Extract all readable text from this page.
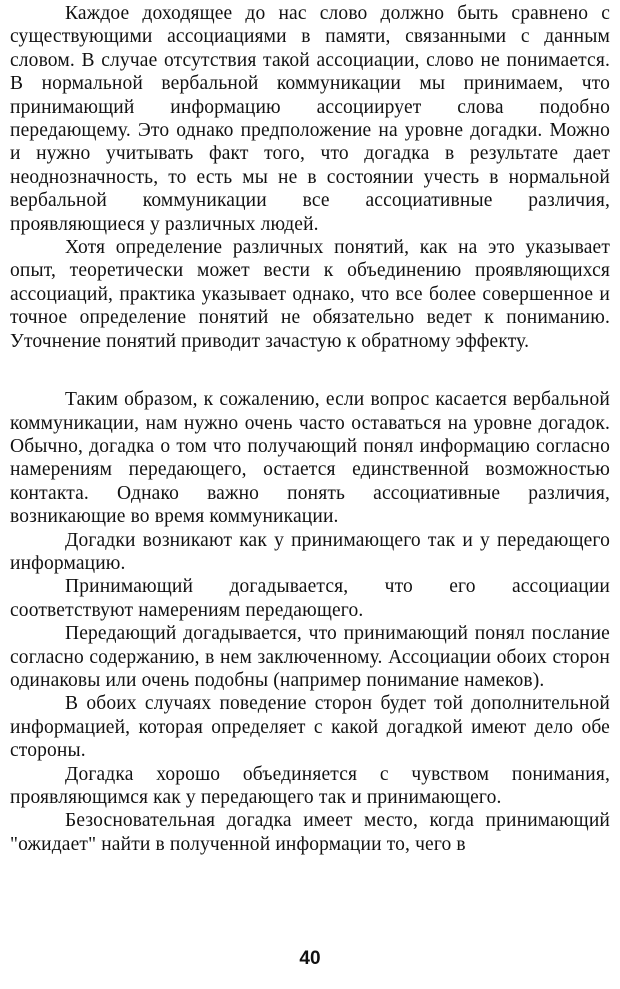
Каждое доходящее до нас слово должно быть сравнено с существующими ассоциациями в памяти, связанными с данным словом. В случае отсутствия такой ассоциации, слово не понимается. В нормальной вербальной коммуникации мы принимаем, что принимающий информацию ассоциирует слова подобно передающему. Это однако предположение на уровне догадки. Можно и нужно учитывать факт того, что догадка в результате дает неоднозначность, то есть мы не в состоянии учесть в нормальной вербальной коммуникации все ассоциативные различия, проявляющиеся у различных людей.

Хотя определение различных понятий, как на это указывает опыт, теоретически может вести к объединению проявляющихся ассоциаций, практика указывает однако, что все более совершенное и точное определение понятий не обязательно ведет к пониманию. Уточнение понятий приводит зачастую к обратному эффекту.

Таким образом, к сожалению, если вопрос касается вербальной коммуникации, нам нужно очень часто оставаться на уровне догадок. Обычно, догадка о том что получающий понял информацию согласно намерениям передающего, остается единственной возможностью контакта. Однако важно понять ассоциативные различия, возникающие во время коммуникации.

Догадки возникают как у принимающего так и у передающего информацию.

Принимающий догадывается, что его ассоциации соответствуют намерениям передающего.

Передающий догадывается, что принимающий понял послание согласно содержанию, в нем заключенному. Ассоциации обоих сторон одинаковы или очень подобны (например понимание намеков).

В обоих случаях поведение сторон будет той дополнительной информацией, которая определяет с какой догадкой имеют дело обе стороны.

Догадка хорошо объединяется с чувством понимания, проявляющимся как у передающего так и принимающего.

Безосновательная догадка имеет место, когда принимающий "ожидает" найти в полученной информации то, чего в

40
